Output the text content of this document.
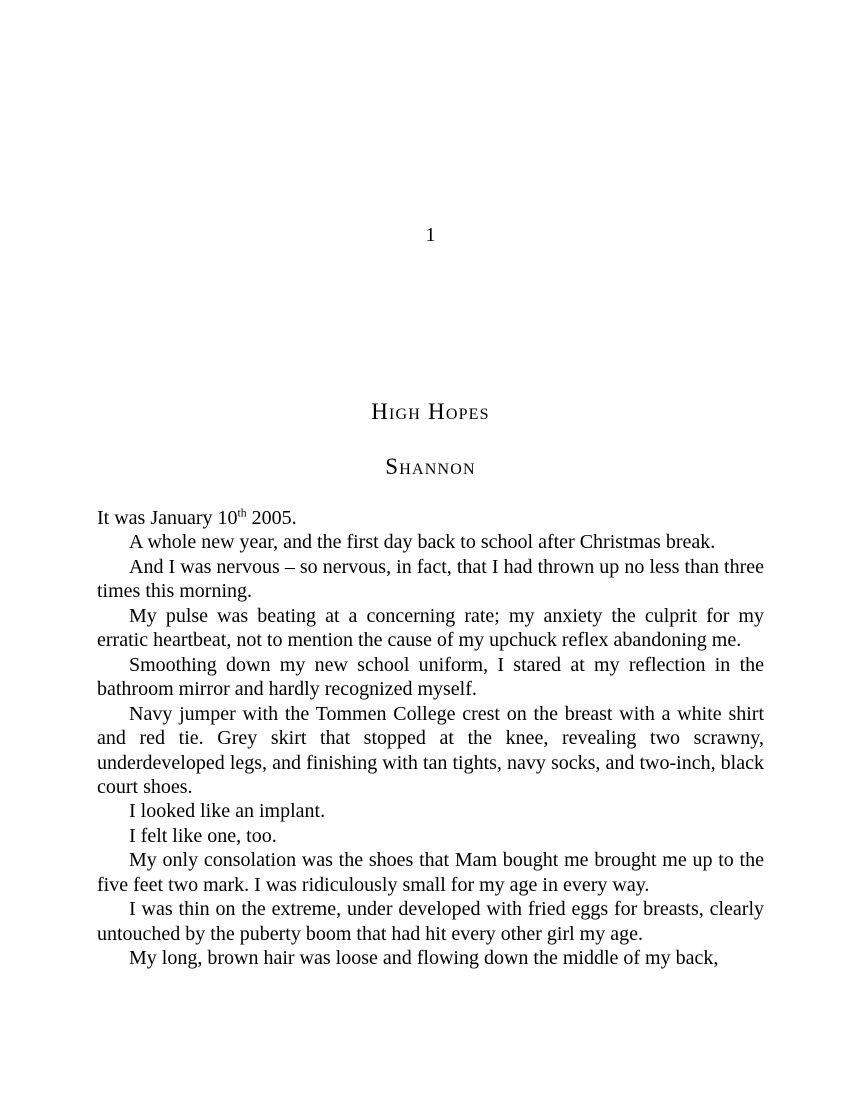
1
High Hopes
Shannon

It was January 10th 2005.

A whole new year, and the first day back to school after Christmas break.

And I was nervous – so nervous, in fact, that I had thrown up no less than three times this morning.

My pulse was beating at a concerning rate; my anxiety the culprit for my erratic heartbeat, not to mention the cause of my upchuck reflex abandoning me.

Smoothing down my new school uniform, I stared at my reflection in the bathroom mirror and hardly recognized myself.

Navy jumper with the Tommen College crest on the breast with a white shirt and red tie. Grey skirt that stopped at the knee, revealing two scrawny, underdeveloped legs, and finishing with tan tights, navy socks, and two-inch, black court shoes.

I looked like an implant.

I felt like one, too.

My only consolation was the shoes that Mam bought me brought me up to the five feet two mark. I was ridiculously small for my age in every way.

I was thin on the extreme, under developed with fried eggs for breasts, clearly untouched by the puberty boom that had hit every other girl my age.

My long, brown hair was loose and flowing down the middle of my back,
